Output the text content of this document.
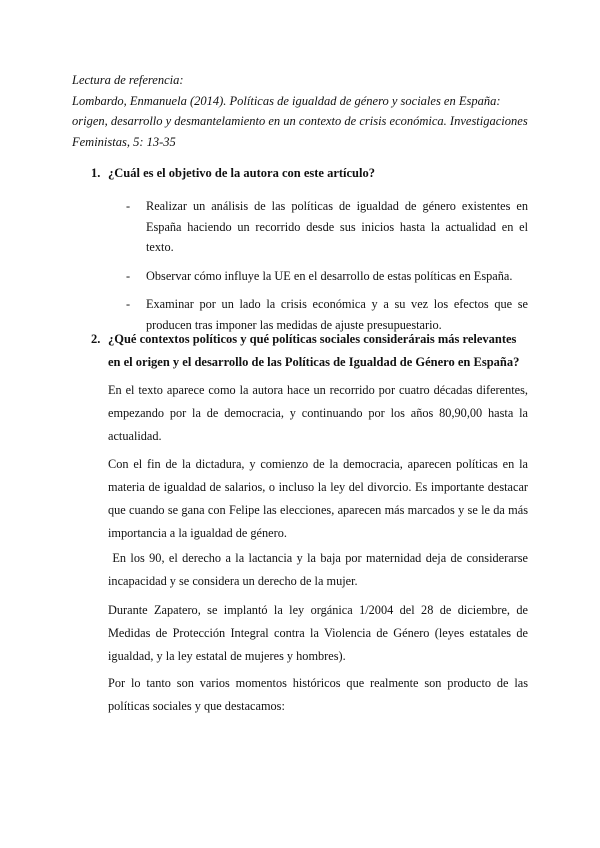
Lectura de referencia:
Lombardo, Enmanuela (2014). Políticas de igualdad de género y sociales en España:
origen, desarrollo y desmantelamiento en un contexto de crisis económica. Investigaciones
Feministas, 5: 13-35
1. ¿Cuál es el objetivo de la autora con este artículo?
- Realizar un análisis de las políticas de igualdad de género existentes en España haciendo un recorrido desde sus inicios hasta la actualidad en el texto.
- Observar cómo influye la UE en el desarrollo de estas políticas en España.
- Examinar por un lado la crisis económica y a su vez los efectos que se producen tras imponer las medidas de ajuste presupuestario.
2. ¿Qué contextos políticos y qué políticas sociales considerárais más relevantes en el origen y el desarrollo de las Políticas de Igualdad de Género en España?
En el texto aparece como la autora hace un recorrido por cuatro décadas diferentes, empezando por la de democracia, y continuando por los años 80,90,00 hasta la actualidad.
Con el fin de la dictadura, y comienzo de la democracia, aparecen políticas en la materia de igualdad de salarios, o incluso la ley del divorcio. Es importante destacar que cuando se gana con Felipe las elecciones, aparecen más marcados y se le da más importancia a la igualdad de género.
En los 90, el derecho a la lactancia y la baja por maternidad deja de considerarse incapacidad y se considera un derecho de la mujer.
Durante Zapatero, se implantó la ley orgánica 1/2004 del 28 de diciembre, de Medidas de Protección Integral contra la Violencia de Género (leyes estatales de igualdad, y la ley estatal de mujeres y hombres).
Por lo tanto son varios momentos históricos que realmente son producto de las políticas sociales y que destacamos:
